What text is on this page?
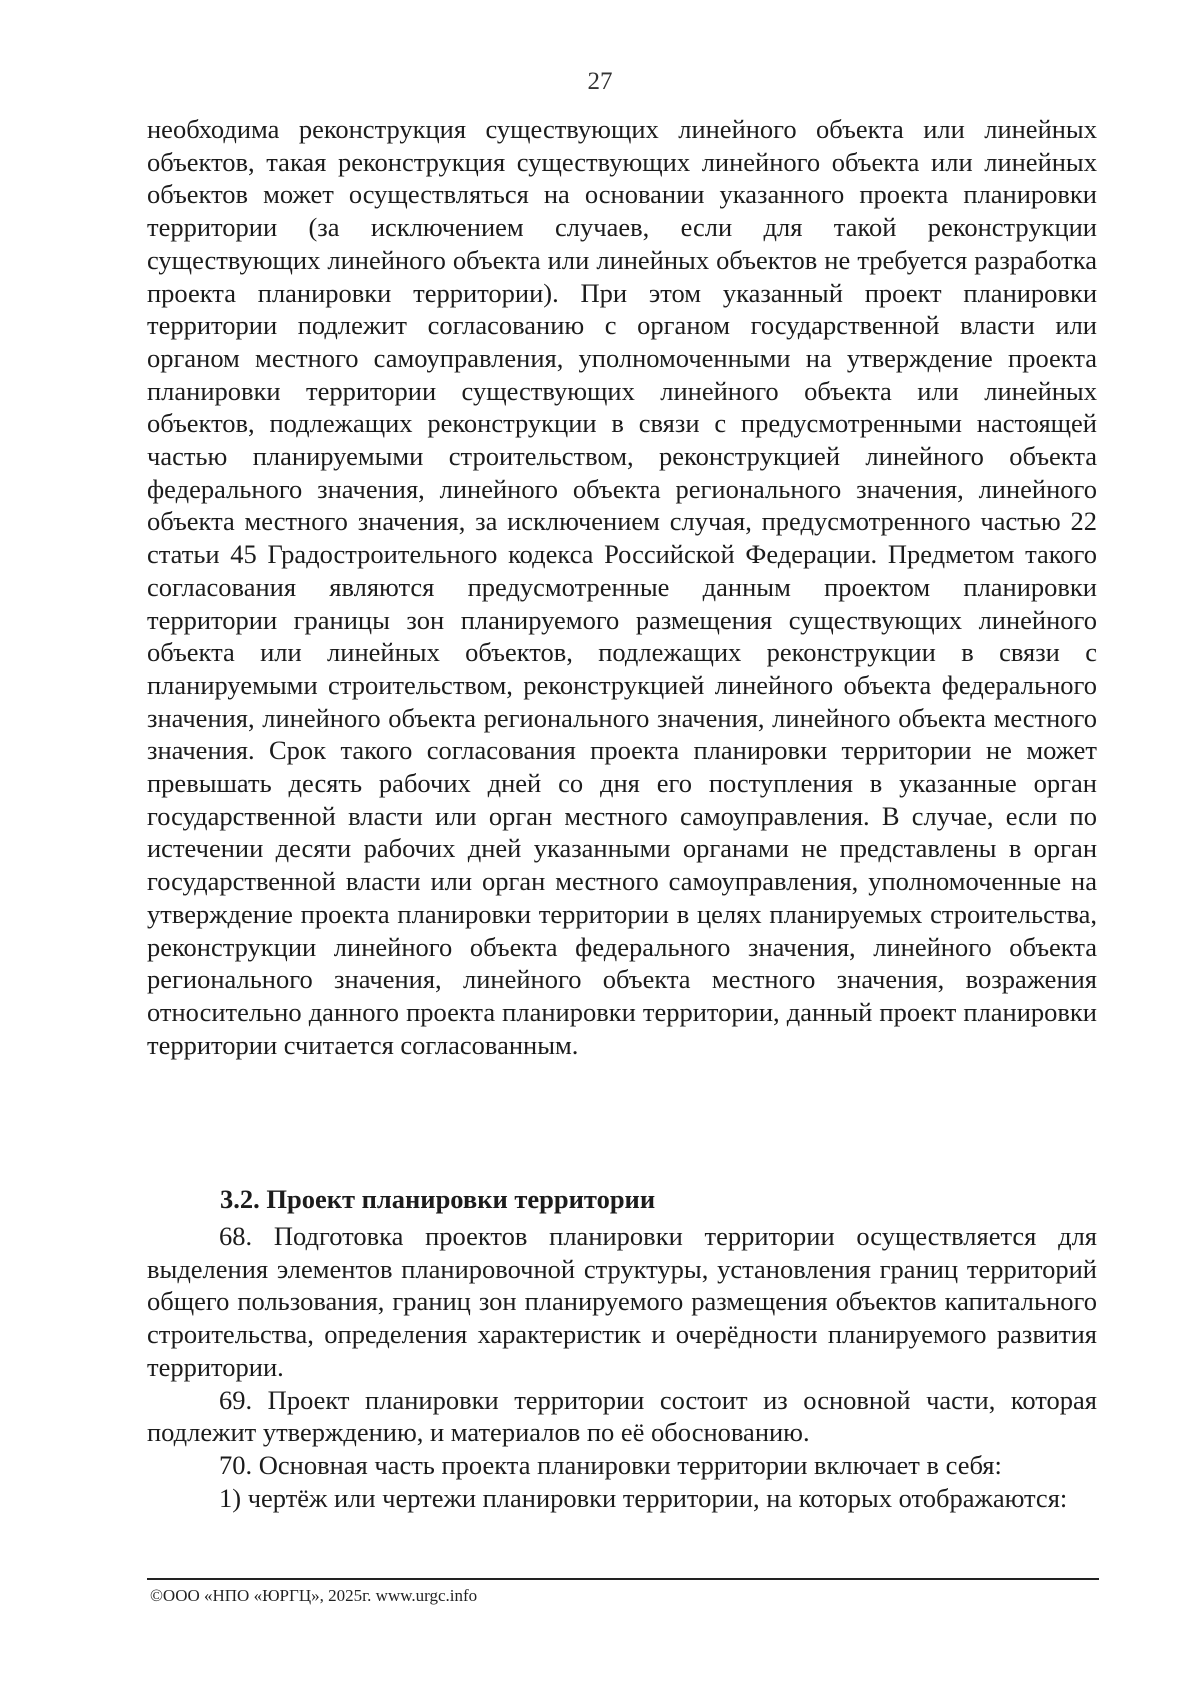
27

необходима реконструкция существующих линейного объекта или линейных объектов, такая реконструкция существующих линейного объекта или линейных объектов может осуществляться на основании указанного проекта планировки территории (за исключением случаев, если для такой реконструкции существующих линейного объекта или линейных объектов не требуется разработка проекта планировки территории). При этом указанный проект планировки территории подлежит согласованию с органом государственной власти или органом местного самоуправления, уполномоченными на утверждение проекта планировки территории существующих линейного объекта или линейных объектов, подлежащих реконструкции в связи с предусмотренными настоящей частью планируемыми строительством, реконструкцией линейного объекта федерального значения, линейного объекта регионального значения, линейного объекта местного значения, за исключением случая, предусмотренного частью 22 статьи 45 Градостроительного кодекса Российской Федерации. Предметом такого согласования являются предусмотренные данным проектом планировки территории границы зон планируемого размещения существующих линейного объекта или линейных объектов, подлежащих реконструкции в связи с планируемыми строительством, реконструкцией линейного объекта федерального значения, линейного объекта регионального значения, линейного объекта местного значения. Срок такого согласования проекта планировки территории не может превышать десять рабочих дней со дня его поступления в указанные орган государственной власти или орган местного самоуправления. В случае, если по истечении десяти рабочих дней указанными органами не представлены в орган государственной власти или орган местного самоуправления, уполномоченные на утверждение проекта планировки территории в целях планируемых строительства, реконструкции линейного объекта федерального значения, линейного объекта регионального значения, линейного объекта местного значения, возражения относительно данного проекта планировки территории, данный проект планировки территории считается согласованным.

3.2. Проект планировки территории

68. Подготовка проектов планировки территории осуществляется для выделения элементов планировочной структуры, установления границ территорий общего пользования, границ зон планируемого размещения объектов капитального строительства, определения характеристик и очерёдности планируемого развития территории.

69. Проект планировки территории состоит из основной части, которая подлежит утверждению, и материалов по её обоснованию.

70. Основная часть проекта планировки территории включает в себя:

1) чертёж или чертежи планировки территории, на которых отображаются:

©ООО «НПО «ЮРГЦ», 2025г. www.urgc.info
